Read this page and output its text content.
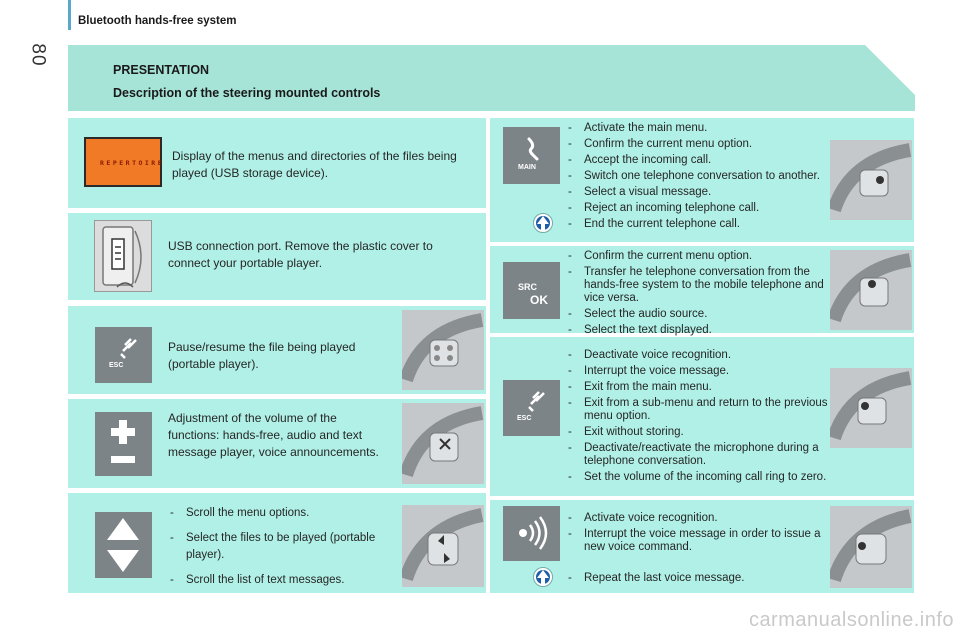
80
Bluetooth hands-free system
PRESENTATION
Description of the steering mounted controls
REPERTOIRE Display of the menus and directories of the files being played (USB storage device).
USB connection port. Remove the plastic cover to connect your portable player.
ESC
Pause/resume the file being played (portable player).
Adjustment of the volume of the functions: hands-free, audio and text message player, voice announcements.
- Scroll the menu options.
- Select the files to be played (portable player).
- Scroll the list of text messages.
MAIN
- Activate the main menu.
- Confirm the current menu option.
- Accept the incoming call.
- Switch one telephone conversation to another.
- Select a visual message.
- Reject an incoming telephone call.
- End the current telephone call.
SRC
OK
- Confirm the current menu option.
- Transfer he telephone conversation from the hands-free system to the mobile telephone and vice versa.
- Select the audio source.
- Select the text displayed.
ESC
- Deactivate voice recognition.
- Interrupt the voice message.
- Exit from the main menu.
- Exit from a sub-menu and return to the previous menu option.
- Exit without storing.
- Deactivate/reactivate the microphone during a telephone conversation.
- Set the volume of the incoming call ring to zero.
- Activate voice recognition.
- Interrupt the voice message in order to issue a new voice command.
- Repeat the last voice message.
carmanualsonline.info
